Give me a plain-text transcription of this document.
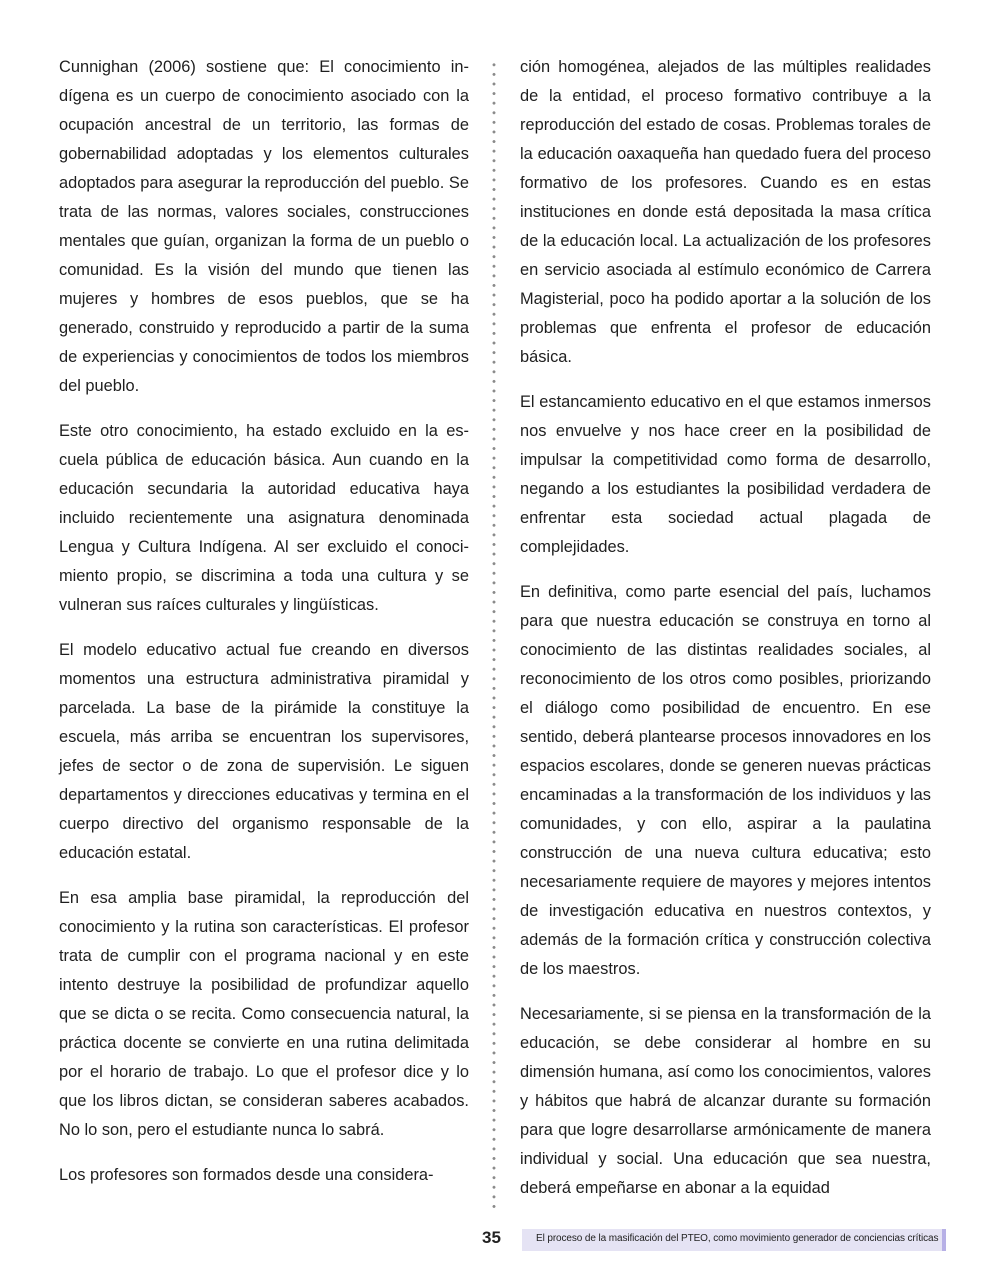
Cunnighan (2006) sostiene que: El conocimiento indígena es un cuerpo de conocimiento asociado con la ocupación ancestral de un territorio, las formas de gobernabilidad adoptadas y los elementos culturales adoptados para asegurar la reproducción del pueblo. Se trata de las normas, valores sociales, construcciones mentales que guían, organizan la forma de un pueblo o comunidad. Es la visión del mundo que tienen las mujeres y hombres de esos pueblos, que se ha generado, construido y reproducido a partir de la suma de experiencias y conocimientos de todos los miembros del pueblo.

Este otro conocimiento, ha estado excluido en la escuela pública de educación básica. Aun cuando en la educación secundaria la autoridad educativa haya incluido recientemente una asignatura denominada Lengua y Cultura Indígena. Al ser excluido el conocimiento propio, se discrimina a toda una cultura y se vulneran sus raíces culturales y lingüísticas.

El modelo educativo actual fue creando en diversos momentos una estructura administrativa piramidal y parcelada. La base de la pirámide la constituye la escuela, más arriba se encuentran los supervisores, jefes de sector o de zona de supervisión. Le siguen departamentos y direcciones educativas y termina en el cuerpo directivo del organismo responsable de la educación estatal.

En esa amplia base piramidal, la reproducción del conocimiento y la rutina son características. El profesor trata de cumplir con el programa nacional y en este intento destruye la posibilidad de profundizar aquello que se dicta o se recita. Como consecuencia natural, la práctica docente se convierte en una rutina delimitada por el horario de trabajo. Lo que el profesor dice y lo que los libros dictan, se consideran saberes acabados. No lo son, pero el estudiante nunca lo sabrá.

Los profesores son formados desde una considera-

ción homogénea, alejados de las múltiples realidades de la entidad, el proceso formativo contribuye a la reproducción del estado de cosas. Problemas torales de la educación oaxaqueña han quedado fuera del proceso formativo de los profesores. Cuando es en estas instituciones en donde está depositada la masa crítica de la educación local. La actualización de los profesores en servicio asociada al estímulo económico de Carrera Magisterial, poco ha podido aportar a la solución de los problemas que enfrenta el profesor de educación básica.

El estancamiento educativo en el que estamos inmersos nos envuelve y nos hace creer en la posibilidad de impulsar la competitividad como forma de desarrollo, negando a los estudiantes la posibilidad verdadera de enfrentar esta sociedad actual plagada de complejidades.

En definitiva, como parte esencial del país, luchamos para que nuestra educación se construya en torno al conocimiento de las distintas realidades sociales, al reconocimiento de los otros como posibles, priorizando el diálogo como posibilidad de encuentro. En ese sentido, deberá plantearse procesos innovadores en los espacios escolares, donde se generen nuevas prácticas encaminadas a la transformación de los individuos y las comunidades, y con ello, aspirar a la paulatina construcción de una nueva cultura educativa; esto necesariamente requiere de mayores y mejores intentos de investigación educativa en nuestros contextos, y además de la formación crítica y construcción colectiva de los maestros.

Necesariamente, si se piensa en la transformación de la educación, se debe considerar al hombre en su dimensión humana, así como los conocimientos, valores y hábitos que habrá de alcanzar durante su formación para que logre desarrollarse armónicamente de manera individual y social. Una educación que sea nuestra, deberá empeñarse en abonar a la equidad

35	El proceso de la masificación del PTEO, como movimiento generador de conciencias críticas
